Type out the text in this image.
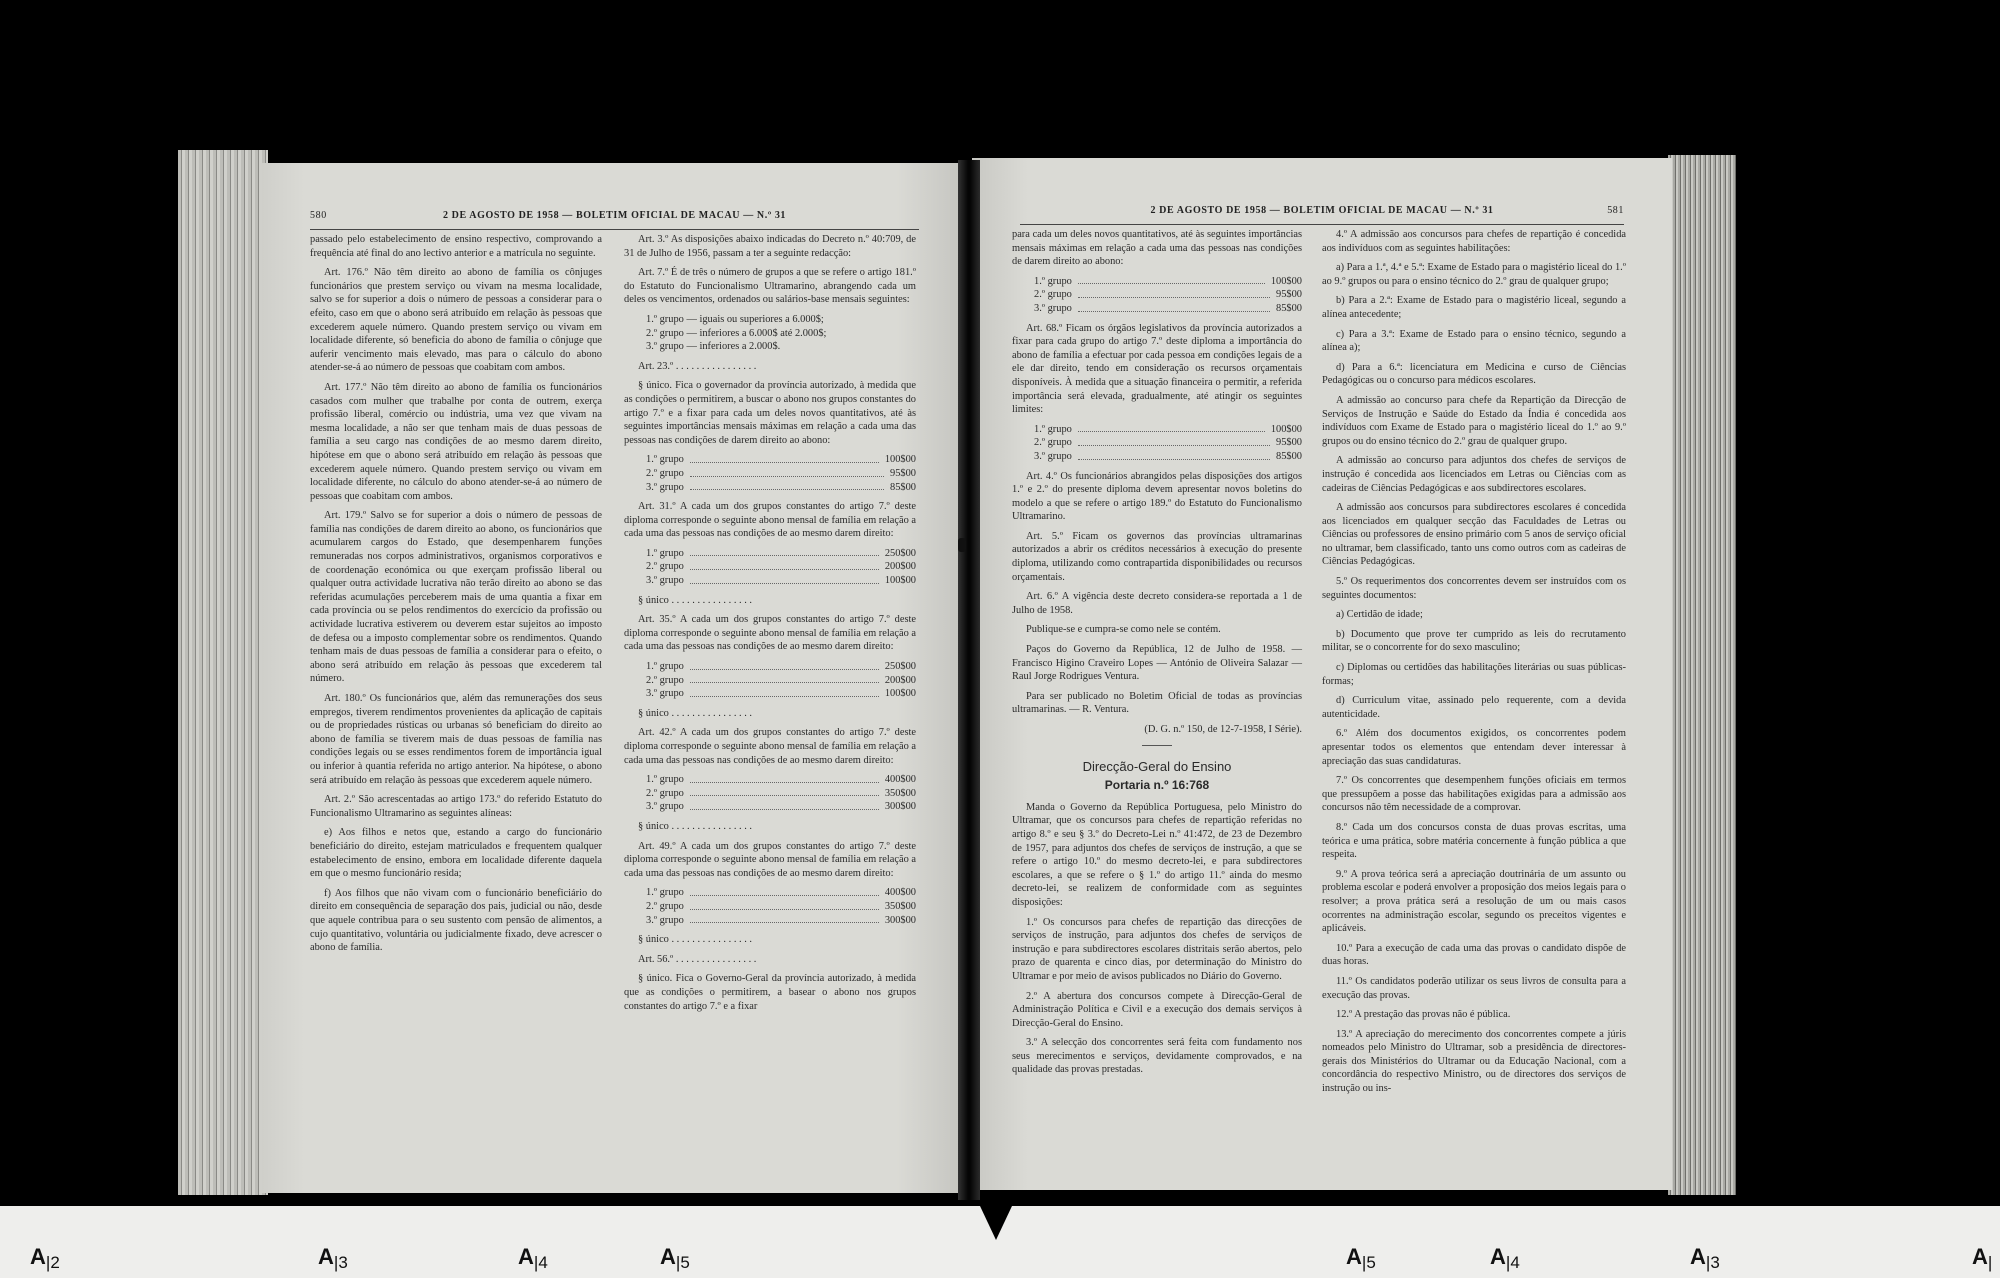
580	2 DE AGOSTO DE 1958 — BOLETIM OFICIAL DE MACAU — N.º 31

passado pelo estabelecimento de ensino respectivo, comprovando a frequência até final do ano lectivo anterior e a matrícula no seguinte.

Art. 176.º Não têm direito ao abono de família os cônjuges funcionários que prestem serviço ou vivam na mesma localidade, salvo se for superior a dois o número de pessoas a considerar para o efeito, caso em que o abono será atribuído em relação às pessoas que excederem aquele número. Quando prestem serviço ou vivam em localidade diferente, só beneficia do abono de família o cônjuge que auferir vencimento mais elevado, mas para o cálculo do abono atender-se-á ao número de pessoas que coabitam com ambos.

Art. 177.º Não têm direito ao abono de família os funcionários casados com mulher que trabalhe por conta de outrem, exerça profissão liberal, comércio ou indústria, uma vez que vivam na mesma localidade, a não ser que tenham mais de duas pessoas de família a seu cargo nas condições de ao mesmo darem direito, hipótese em que o abono será atribuído em relação às pessoas que excederem aquele número. Quando prestem serviço ou vivam em localidade diferente, no cálculo do abono atender-se-á ao número de pessoas que coabitam com ambos.

Art. 179.º Salvo se for superior a dois o número de pessoas de família nas condições de darem direito ao abono, os funcionários que acumularem cargos do Estado, que desempenharem funções remuneradas nos corpos administrativos, organismos corporativos e de coordenação económica ou que exerçam profissão liberal ou qualquer outra actividade lucrativa não terão direito ao abono se das referidas acumulações perceberem mais de uma quantia a fixar em cada província ou se pelos rendimentos do exercício da profissão ou actividade lucrativa estiverem ou deverem estar sujeitos ao imposto de defesa ou a imposto complementar sobre os rendimentos. Quando tenham mais de duas pessoas de família a considerar para o efeito, o abono será atribuído em relação às pessoas que excederem tal número.

Art. 180.º Os funcionários que, além das remunerações dos seus empregos, tiverem rendimentos provenientes da aplicação de capitais ou de propriedades rústicas ou urbanas só beneficiam do direito ao abono de família se tiverem mais de duas pessoas de família nas condições legais ou se esses rendimentos forem de importância igual ou inferior à quantia referida no artigo anterior. Na hipótese, o abono será atribuído em relação às pessoas que excederem aquele número.

Art. 2.º São acrescentadas ao artigo 173.º do referido Estatuto do Funcionalismo Ultramarino as seguintes alíneas:

e) Aos filhos e netos que, estando a cargo do funcionário beneficiário do direito, estejam matriculados e frequentem qualquer estabelecimento de ensino, embora em localidade diferente daquela em que o mesmo funcionário resida;

f) Aos filhos que não vivam com o funcionário beneficiário do direito em consequência de separação dos pais, judicial ou não, desde que aquele contribua para o seu sustento com pensão de alimentos, a cujo quantitativo, voluntária ou judicialmente fixado, deve acrescer o abono de família.

Art. 3.º As disposições abaixo indicadas do Decreto n.º 40:709, de 31 de Julho de 1956, passam a ter a seguinte redacção:

Art. 7.º É de três o número de grupos a que se refere o artigo 181.º do Estatuto do Funcionalismo Ultramarino, abrangendo cada um deles os vencimentos, ordenados ou salários-base mensais seguintes:

1.º grupo — iguais ou superiores a 6.000$;
2.º grupo — inferiores a 6.000$ até 2.000$;
3.º grupo — inferiores a 2.000$.

Art. 23.º . . . . . . . . . . . . . . . .

§ único. Fica o governador da província autorizado, à medida que as condições o permitirem, a buscar o abono nos grupos constantes do artigo 7.º e a fixar para cada um deles novos quantitativos, até às seguintes importâncias mensais máximas em relação a cada uma das pessoas nas condições de darem direito ao abono:

1.º grupo	100$00
2.º grupo	95$00
3.º grupo	85$00

Art. 31.º A cada um dos grupos constantes do artigo 7.º deste diploma corresponde o seguinte abono mensal de família em relação a cada uma das pessoas nas condições de ao mesmo darem direito:

1.º grupo	250$00
2.º grupo	200$00
3.º grupo	100$00

§ único . . . . . . . . . . . . . . . .

Art. 35.º A cada um dos grupos constantes do artigo 7.º deste diploma corresponde o seguinte abono mensal de família em relação a cada uma das pessoas nas condições de ao mesmo darem direito:

1.º grupo	250$00
2.º grupo	200$00
3.º grupo	100$00

§ único . . . . . . . . . . . . . . . .

Art. 42.º A cada um dos grupos constantes do artigo 7.º deste diploma corresponde o seguinte abono mensal de família em relação a cada uma das pessoas nas condições de ao mesmo darem direito:

1.º grupo	400$00
2.º grupo	350$00
3.º grupo	300$00

§ único . . . . . . . . . . . . . . . .

Art. 49.º A cada um dos grupos constantes do artigo 7.º deste diploma corresponde o seguinte abono mensal de família em relação a cada uma das pessoas nas condições de ao mesmo darem direito:

1.º grupo	400$00
2.º grupo	350$00
3.º grupo	300$00

§ único . . . . . . . . . . . . . . . .

Art. 56.º . . . . . . . . . . . . . . . .

§ único. Fica o Governo-Geral da província autorizado, à medida que as condições o permitirem, a basear o abono nos grupos constantes do artigo 7.º e a fixar

2 DE AGOSTO DE 1958 — BOLETIM OFICIAL DE MACAU — N.º 31	581

para cada um deles novos quantitativos, até às seguintes importâncias mensais máximas em relação a cada uma das pessoas nas condições de darem direito ao abono:

1.º grupo	100$00
2.º grupo	95$00
3.º grupo	85$00

Art. 68.º Ficam os órgãos legislativos da província autorizados a fixar para cada grupo do artigo 7.º deste diploma a importância do abono de família a efectuar por cada pessoa em condições legais de a ele dar direito, tendo em consideração os recursos orçamentais disponíveis. À medida que a situação financeira o permitir, a referida importância será elevada, gradualmente, até atingir os seguintes limites:

1.º grupo	100$00
2.º grupo	95$00
3.º grupo	85$00

Art. 4.º Os funcionários abrangidos pelas disposições dos artigos 1.º e 2.º do presente diploma devem apresentar novos boletins do modelo a que se refere o artigo 189.º do Estatuto do Funcionalismo Ultramarino.

Art. 5.º Ficam os governos das províncias ultramarinas autorizados a abrir os créditos necessários à execução do presente diploma, utilizando como contrapartida disponibilidades ou recursos orçamentais.

Art. 6.º A vigência deste decreto considera-se reportada a 1 de Julho de 1958.

Publique-se e cumpra-se como nele se contém.

Paços do Governo da República, 12 de Julho de 1958. — Francisco Higino Craveiro Lopes — António de Oliveira Salazar — Raul Jorge Rodrigues Ventura.

Para ser publicado no Boletim Oficial de todas as províncias ultramarinas. — R. Ventura.

(D. G. n.º 150, de 12-7-1958, I Série).

Direcção-Geral do Ensino
Portaria n.º 16:768

Manda o Governo da República Portuguesa, pelo Ministro do Ultramar, que os concursos para chefes de repartição referidas no artigo 8.º e seu § 3.º do Decreto-Lei n.º 41:472, de 23 de Dezembro de 1957, para adjuntos dos chefes de serviços de instrução, a que se refere o artigo 10.º do mesmo decreto-lei, e para subdirectores escolares, a que se refere o § 1.º do artigo 11.º ainda do mesmo decreto-lei, se realizem de conformidade com as seguintes disposições:

1.º Os concursos para chefes de repartição das direcções de serviços de instrução, para adjuntos dos chefes de serviços de instrução e para subdirectores escolares distritais serão abertos, pelo prazo de quarenta e cinco dias, por determinação do Ministro do Ultramar e por meio de avisos publicados no Diário do Governo.

2.º A abertura dos concursos compete à Direcção-Geral de Administração Política e Civil e a execução dos demais serviços à Direcção-Geral do Ensino.

3.º A selecção dos concorrentes será feita com fundamento nos seus merecimentos e serviços, devidamente comprovados, e na qualidade das provas prestadas.

4.º A admissão aos concursos para chefes de repartição é concedida aos indivíduos com as seguintes habilitações:

a) Para a 1.ª, 4.ª e 5.ª: Exame de Estado para o magistério liceal do 1.º ao 9.º grupos ou para o ensino técnico do 2.º grau de qualquer grupo;

b) Para a 2.ª: Exame de Estado para o magistério liceal, segundo a alínea antecedente;

c) Para a 3.ª: Exame de Estado para o ensino técnico, segundo a alínea a);

d) Para a 6.ª: licenciatura em Medicina e curso de Ciências Pedagógicas ou o concurso para médicos escolares.

A admissão ao concurso para chefe da Repartição da Direcção de Serviços de Instrução e Saúde do Estado da Índia é concedida aos indivíduos com Exame de Estado para o magistério liceal do 1.º ao 9.º grupos ou do ensino técnico do 2.º grau de qualquer grupo.

A admissão ao concurso para adjuntos dos chefes de serviços de instrução é concedida aos licenciados em Letras ou Ciências com as cadeiras de Ciências Pedagógicas e aos subdirectores escolares.

A admissão aos concursos para subdirectores escolares é concedida aos licenciados em qualquer secção das Faculdades de Letras ou Ciências ou professores de ensino primário com 5 anos de serviço oficial no ultramar, bem classificado, tanto uns como outros com as cadeiras de Ciências Pedagógicas.

5.º Os requerimentos dos concorrentes devem ser instruídos com os seguintes documentos:

a) Certidão de idade;

b) Documento que prove ter cumprido as leis do recrutamento militar, se o concorrente for do sexo masculino;

c) Diplomas ou certidões das habilitações literárias ou suas públicas-formas;

d) Curriculum vitae, assinado pelo requerente, com a devida autenticidade.

6.º Além dos documentos exigidos, os concorrentes podem apresentar todos os elementos que entendam dever interessar à apreciação das suas candidaturas.

7.º Os concorrentes que desempenhem funções oficiais em termos que pressupõem a posse das habilitações exigidas para a admissão aos concursos não têm necessidade de a comprovar.

8.º Cada um dos concursos consta de duas provas escritas, uma teórica e uma prática, sobre matéria concernente à função pública a que respeita.

9.º A prova teórica será a apreciação doutrinária de um assunto ou problema escolar e poderá envolver a proposição dos meios legais para o resolver; a prova prática será a resolução de um ou mais casos ocorrentes na administração escolar, segundo os preceitos vigentes e aplicáveis.

10.º Para a execução de cada uma das provas o candidato dispõe de duas horas.

11.º Os candidatos poderão utilizar os seus livros de consulta para a execução das provas.

12.º A prestação das provas não é pública.

13.º A apreciação do merecimento dos concorrentes compete a júris nomeados pelo Ministro do Ultramar, sob a presidência de directores-gerais dos Ministérios do Ultramar ou da Educação Nacional, com a concordância do respectivo Ministro, ou de directores dos serviços de instrução ou ins-

A|2	A|3	A|4	A|5	A|5	A|4	A|3	A|
